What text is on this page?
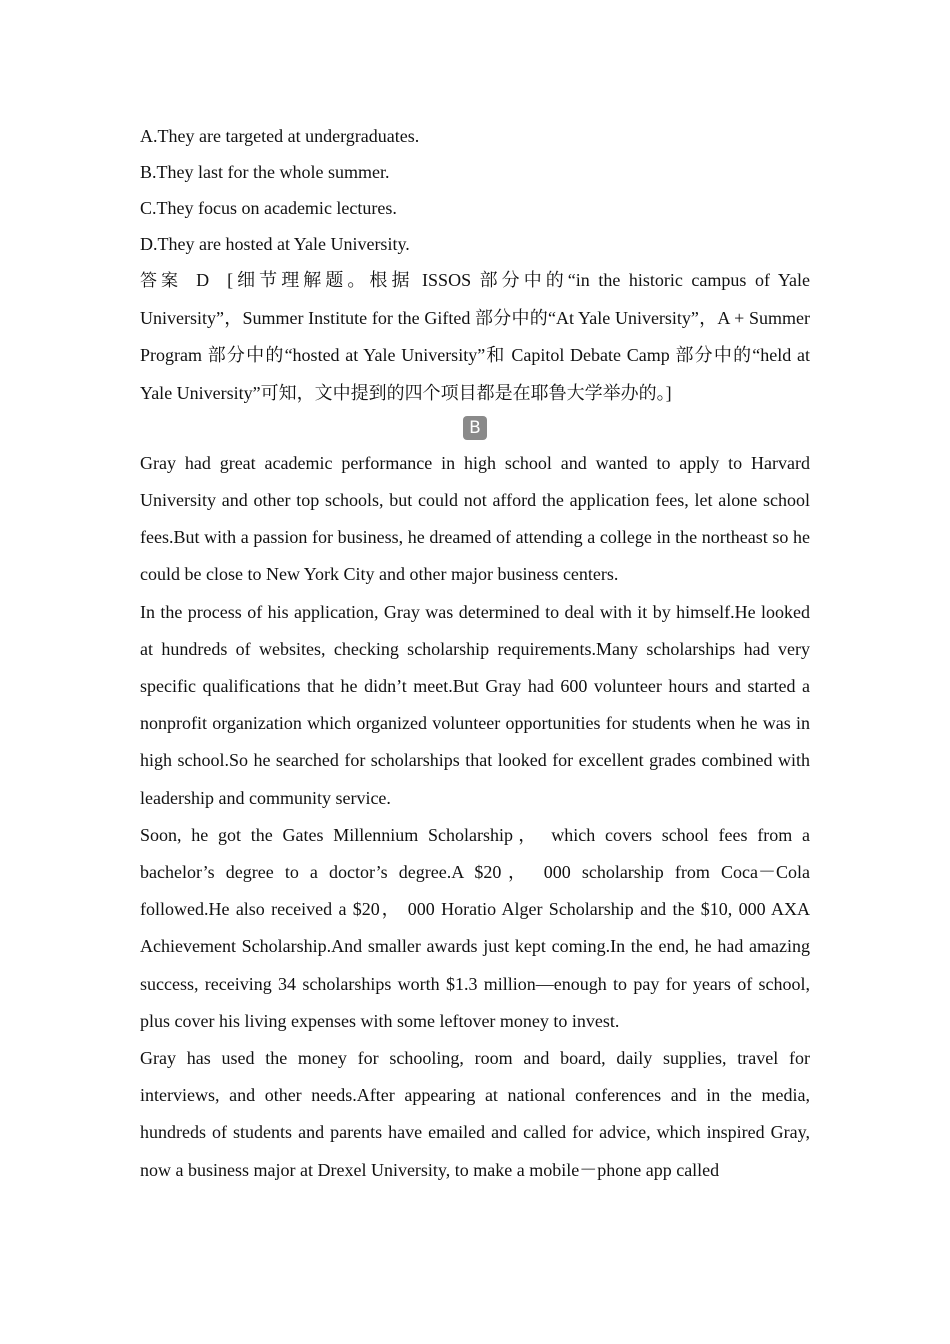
A.They are targeted at undergraduates.
B.They last for the whole summer.
C.They focus on academic lectures.
D.They are hosted at Yale University.

答案 D [细节理解题。根据 ISSOS 部分中的“in the historic campus of Yale University”，Summer Institute for the Gifted 部分中的“At Yale University”，A + Summer Program 部分中的“hosted at Yale University”和 Capitol Debate Camp 部分中的“held at Yale University”可知，文中提到的四个项目都是在耶鲁大学举办的。]

B

Gray had great academic performance in high school and wanted to apply to Harvard University and other top schools, but could not afford the application fees, let alone school fees.But with a passion for business, he dreamed of attending a college in the northeast so he could be close to New York City and other major business centers.

In the process of his application, Gray was determined to deal with it by himself.He looked at hundreds of websites, checking scholarship requirements.Many scholarships had very specific qualifications that he didn’t meet.But Gray had 600 volunteer hours and started a nonprofit organization which organized volunteer opportunities for students when he was in high school.So he searched for scholarships that looked for excellent grades combined with leadership and community service.

Soon, he got the Gates Millennium Scholarship， which covers school fees from a bachelor’s degree to a doctor’s degree.A $20， 000 scholarship from Coca－Cola followed.He also received a $20， 000 Horatio Alger Scholarship and the $10, 000 AXA Achievement Scholarship.And smaller awards just kept coming.In the end, he had amazing success, receiving 34 scholarships worth $1.3 million—enough to pay for years of school, plus cover his living expenses with some leftover money to invest.

Gray has used the money for schooling, room and board, daily supplies, travel for interviews, and other needs.After appearing at national conferences and in the media, hundreds of students and parents have emailed and called for advice, which inspired Gray, now a business major at Drexel University, to make a mobile－phone app called
